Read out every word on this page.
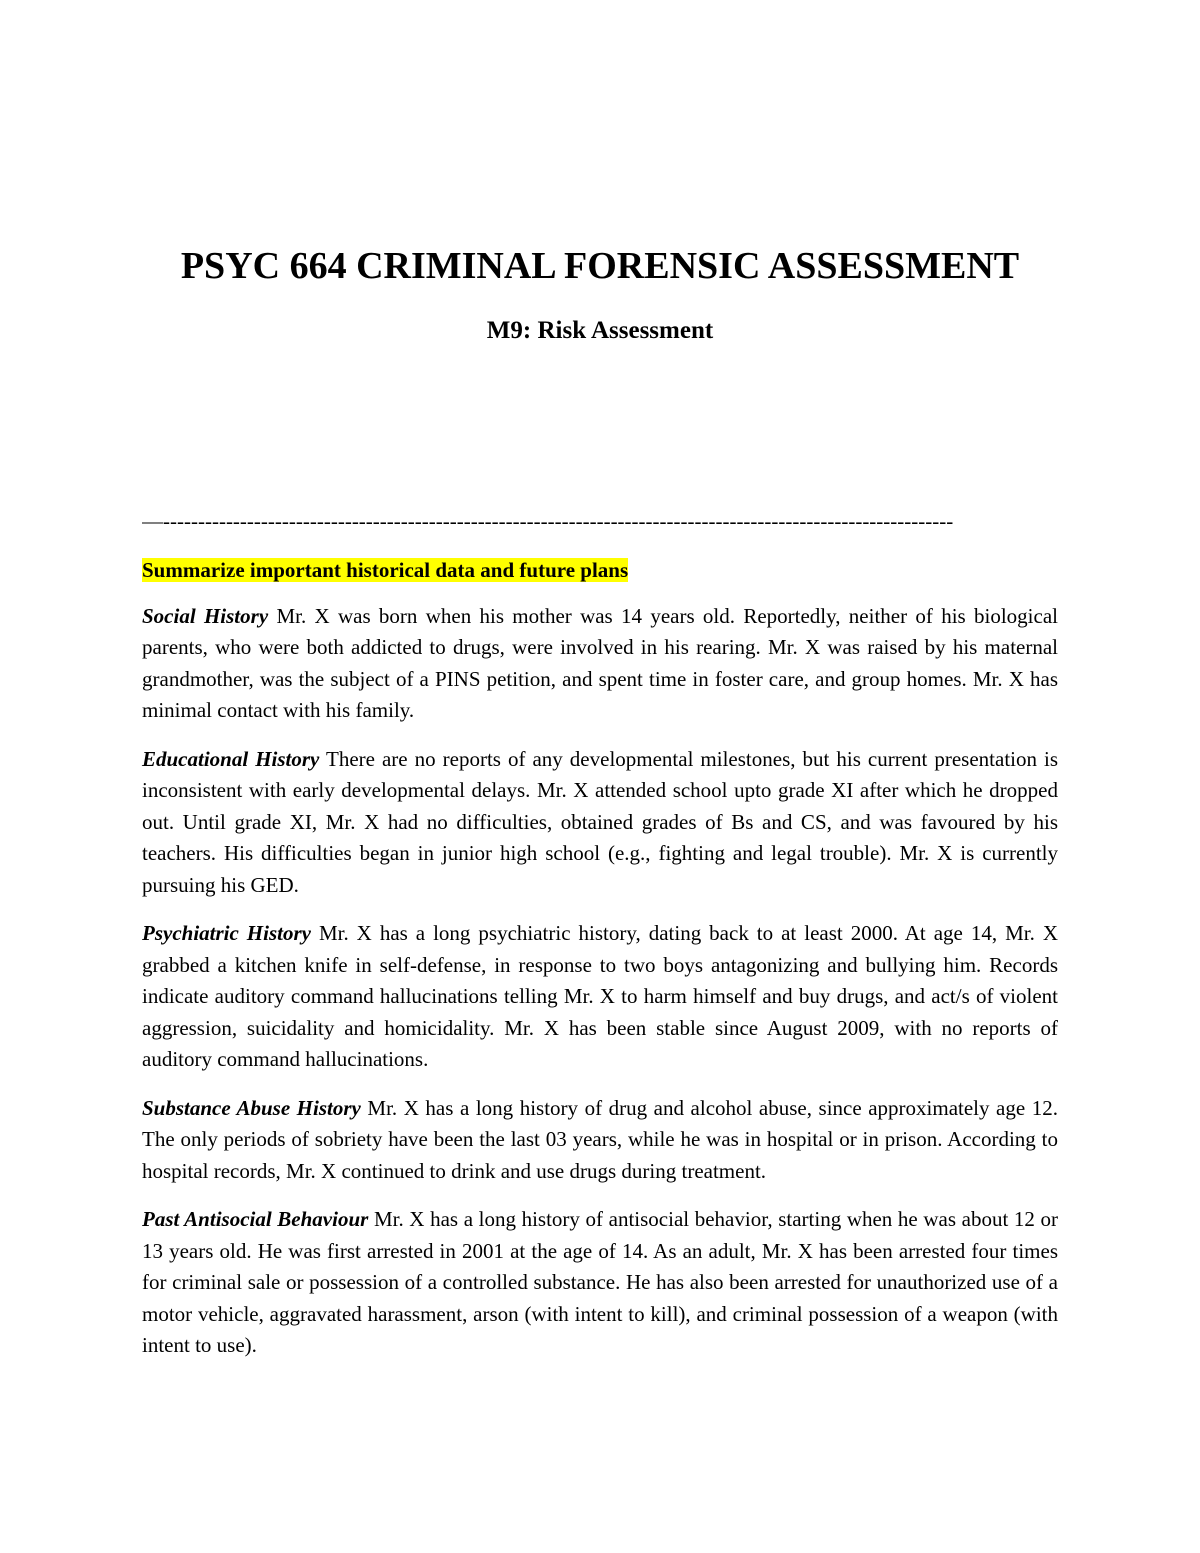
PSYC 664 CRIMINAL FORENSIC ASSESSMENT
M9: Risk Assessment
—-----------------------------------------------------------------------------------------------------------------

Summarize important historical data and future plans

Social History Mr. X was born when his mother was 14 years old. Reportedly, neither of his biological parents, who were both addicted to drugs, were involved in his rearing. Mr. X was raised by his maternal grandmother, was the subject of a PINS petition, and spent time in foster care, and group homes. Mr. X has minimal contact with his family.

Educational History There are no reports of any developmental milestones, but his current presentation is inconsistent with early developmental delays. Mr. X attended school upto grade XI after which he dropped out. Until grade XI, Mr. X had no difficulties, obtained grades of Bs and CS, and was favoured by his teachers. His difficulties began in junior high school (e.g., fighting and legal trouble). Mr. X is currently pursuing his GED.

Psychiatric History Mr. X has a long psychiatric history, dating back to at least 2000. At age 14, Mr. X grabbed a kitchen knife in self-defense, in response to two boys antagonizing and bullying him. Records indicate auditory command hallucinations telling Mr. X to harm himself and buy drugs, and act/s of violent aggression, suicidality and homicidality. Mr. X has been stable since August 2009, with no reports of auditory command hallucinations.

Substance Abuse History Mr. X has a long history of drug and alcohol abuse, since approximately age 12. The only periods of sobriety have been the last 03 years, while he was in hospital or in prison. According to hospital records, Mr. X continued to drink and use drugs during treatment.

Past Antisocial Behaviour Mr. X has a long history of antisocial behavior, starting when he was about 12 or 13 years old. He was first arrested in 2001 at the age of 14. As an adult, Mr. X has been arrested four times for criminal sale or possession of a controlled substance. He has also been arrested for unauthorized use of a motor vehicle, aggravated harassment, arson (with intent to kill), and criminal possession of a weapon (with intent to use).
